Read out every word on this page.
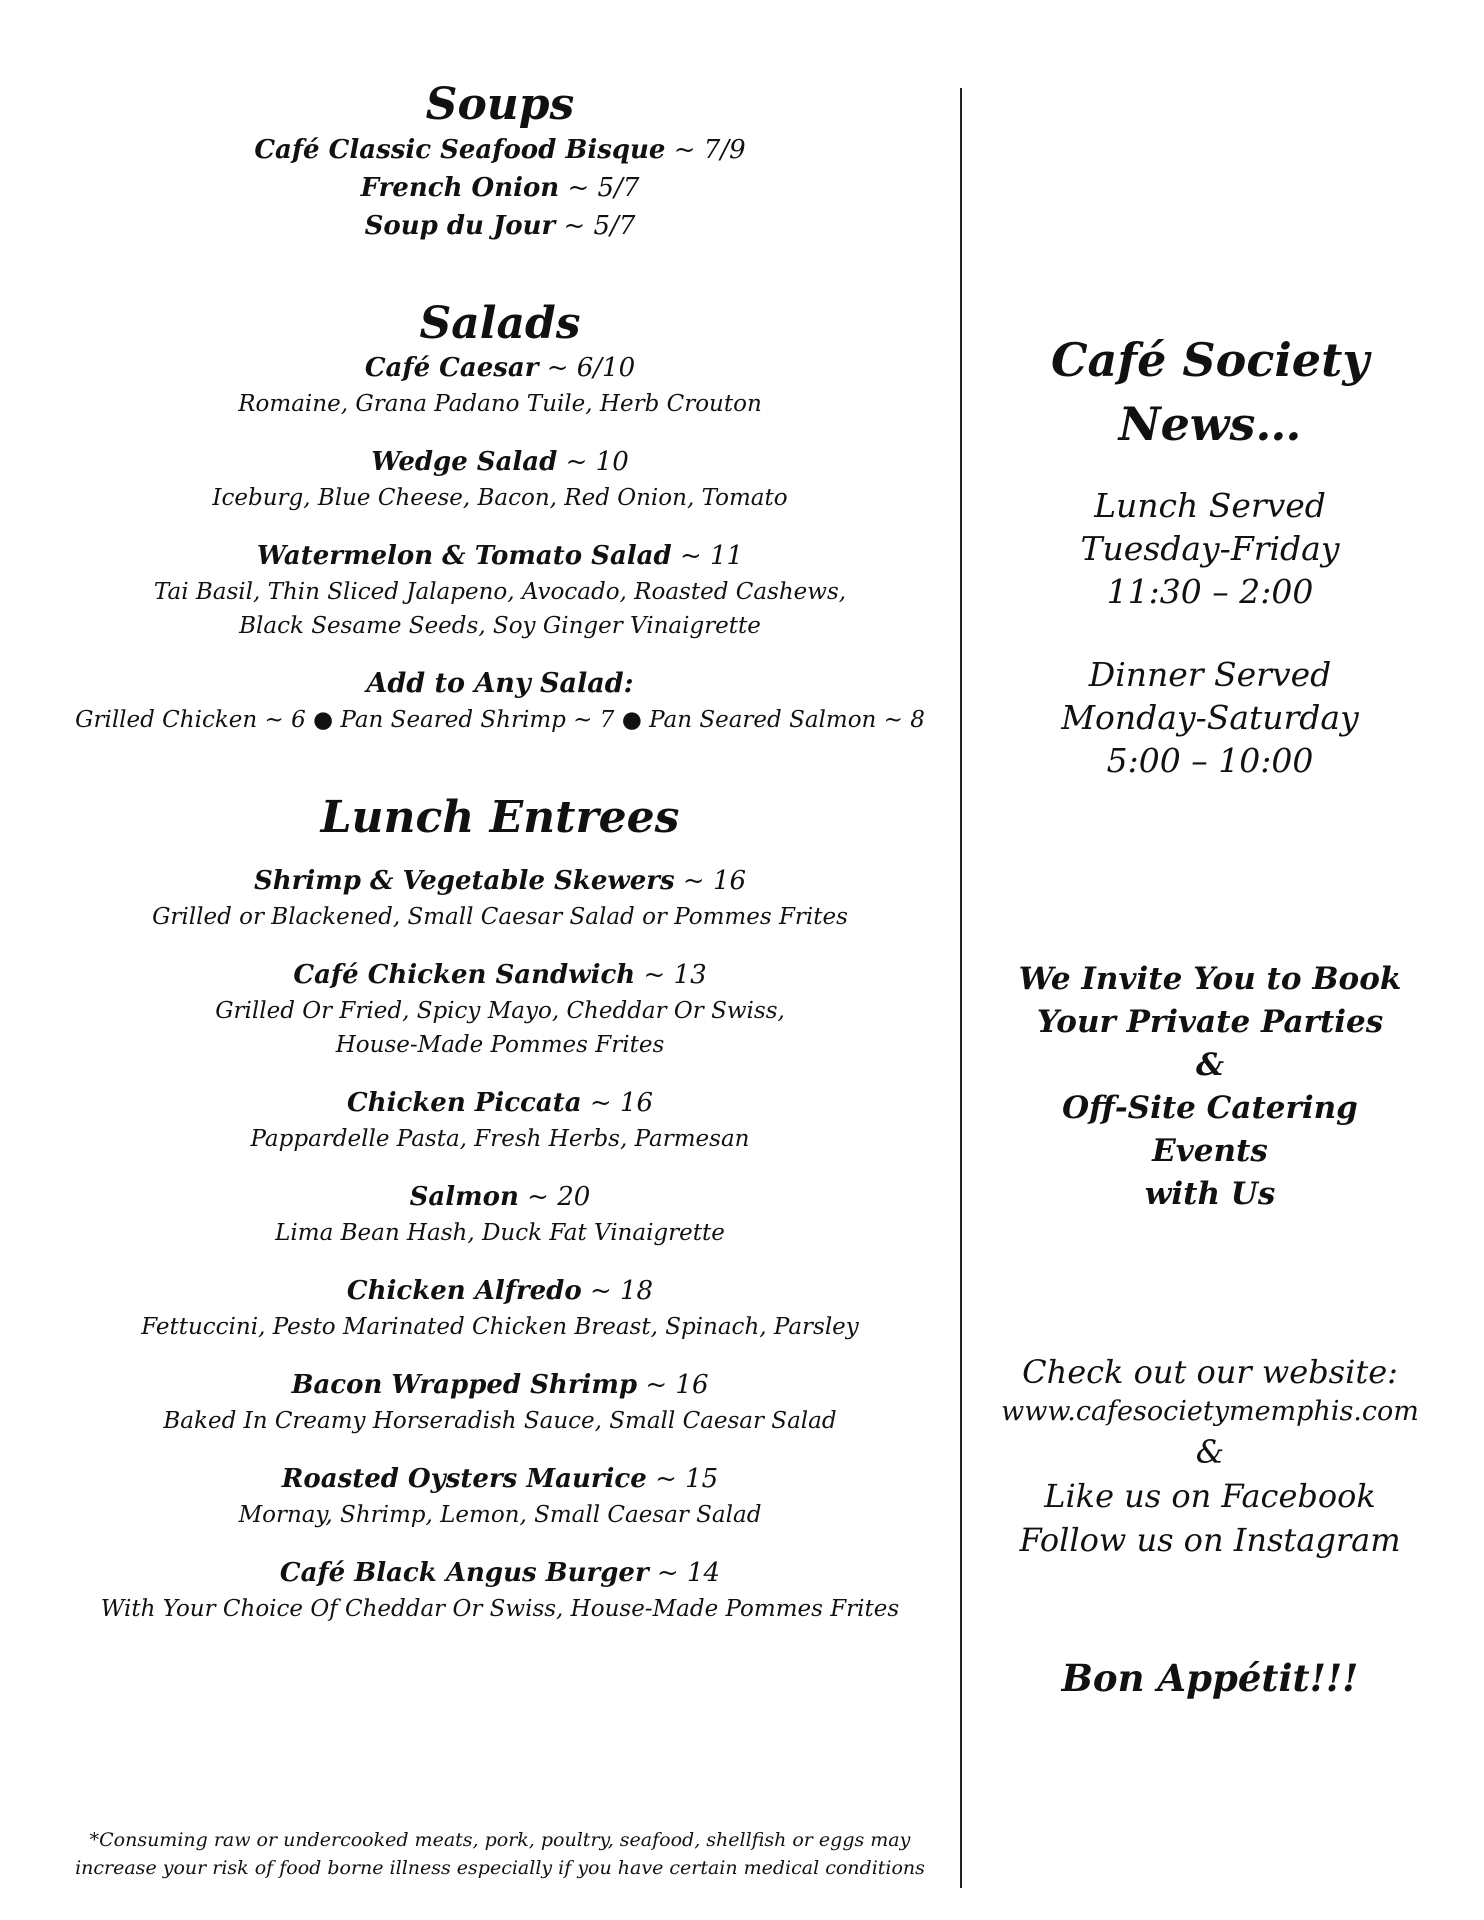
Soups
Café Classic Seafood Bisque ~ 7/9
French Onion ~ 5/7
Soup du Jour ~ 5/7
Salads
Café Caesar ~ 6/10
Romaine, Grana Padano Tuile, Herb Crouton
Wedge Salad ~ 10
Iceburg, Blue Cheese, Bacon, Red Onion, Tomato
Watermelon & Tomato Salad ~ 11
Tai Basil, Thin Sliced Jalapeno, Avocado, Roasted Cashews,
Black Sesame Seeds, Soy Ginger Vinaigrette
Add to Any Salad:
Grilled Chicken ~ 6 ● Pan Seared Shrimp ~ 7 ● Pan Seared Salmon ~ 8
Lunch Entrees
Shrimp & Vegetable Skewers ~ 16
Grilled or Blackened, Small Caesar Salad or Pommes Frites
Café Chicken Sandwich ~ 13
Grilled Or Fried, Spicy Mayo, Cheddar Or Swiss,
House-Made Pommes Frites
Chicken Piccata ~ 16
Pappardelle Pasta, Fresh Herbs, Parmesan
Salmon ~ 20
Lima Bean Hash, Duck Fat Vinaigrette
Chicken Alfredo ~ 18
Fettuccini, Pesto Marinated Chicken Breast, Spinach, Parsley
Bacon Wrapped Shrimp ~ 16
Baked In Creamy Horseradish Sauce, Small Caesar Salad
Roasted Oysters Maurice ~ 15
Mornay, Shrimp, Lemon, Small Caesar Salad
Café Black Angus Burger ~ 14
With Your Choice Of Cheddar Or Swiss, House-Made Pommes Frites
*Consuming raw or undercooked meats, pork, poultry, seafood, shellfish or eggs may
increase your risk of food borne illness especially if you have certain medical conditions
Café Society
News…
Lunch Served
Tuesday-Friday
11:30 – 2:00
Dinner Served
Monday-Saturday
5:00 – 10:00
We Invite You to Book
Your Private Parties
&
Off-Site Catering Events
with Us
Check out our website:
www.cafesocietymemphis.com
&
Like us on Facebook
Follow us on Instagram
Bon Appétit!!!
